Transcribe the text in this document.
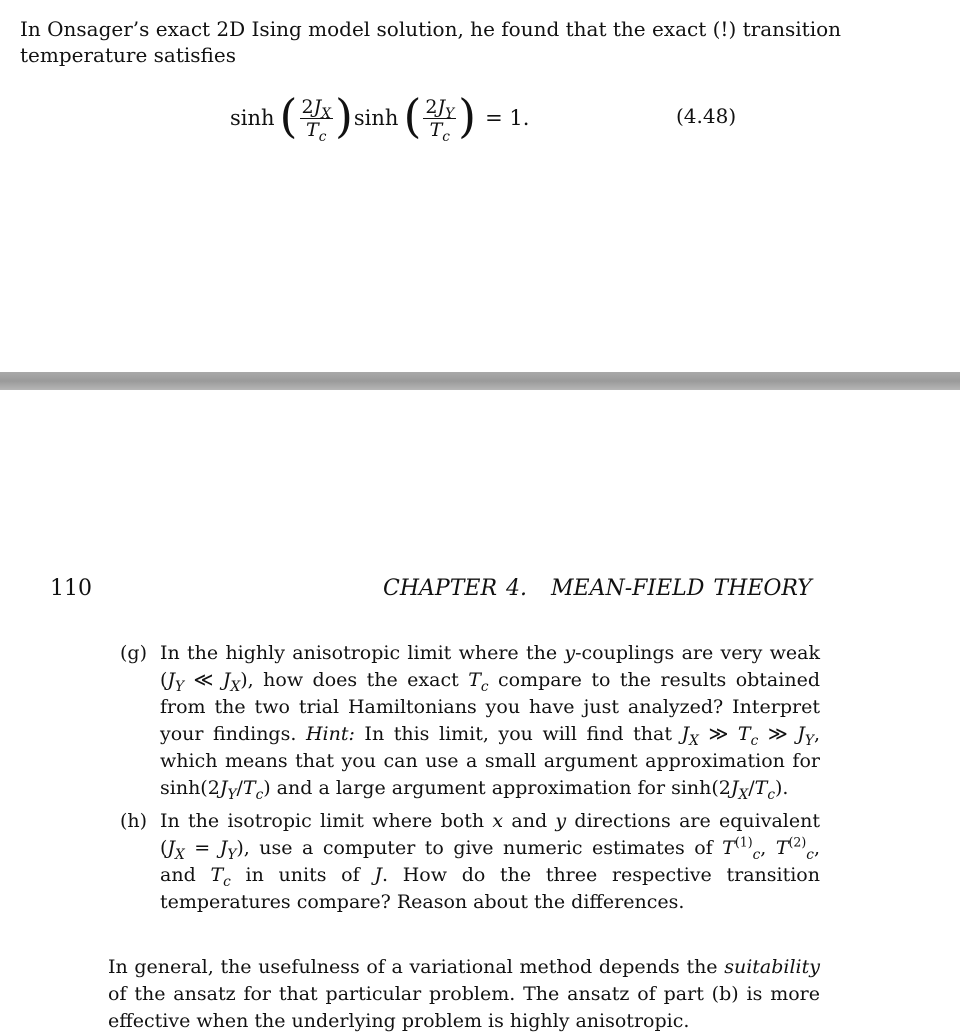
In Onsager’s exact 2D Ising model solution, he found that the exact (!) transition temperature satisfies

sinh ( $\frac{2J_X}{T_c}$ ) sinh ( $\frac{2J_Y}{T_c}$ ) = 1.	(4.48)
110	CHAPTER 4. MEAN-FIELD THEORY
(g) In the highly anisotropic limit where the y-couplings are very weak ($J_Y$ ≪ $J_X$), how does the exact $T_c$ compare to the results obtained from the two trial Hamiltonians you have just analyzed? Interpret your findings. Hint: In this limit, you will find that $J_X$ ≫ $T_c$ ≫ $J_Y$, which means that you can use a small argument approximation for $\sinh(2J_Y/T_c)$ and a large argument approximation for $\sinh(2J_X/T_c)$.
(h) In the isotropic limit where both x and y directions are equivalent $(J_X = J_Y)$, use a computer to give numeric estimates of $T^{(1)}_c$, $T^{(2)}_c$, and $T_c$ in units of J. How do the three respective transition temperatures compare? Reason about the differences.

In general, the usefulness of a variational method depends the suitability of the ansatz for that particular problem. The ansatz of part (b) is more effective when the underlying problem is highly anisotropic.
